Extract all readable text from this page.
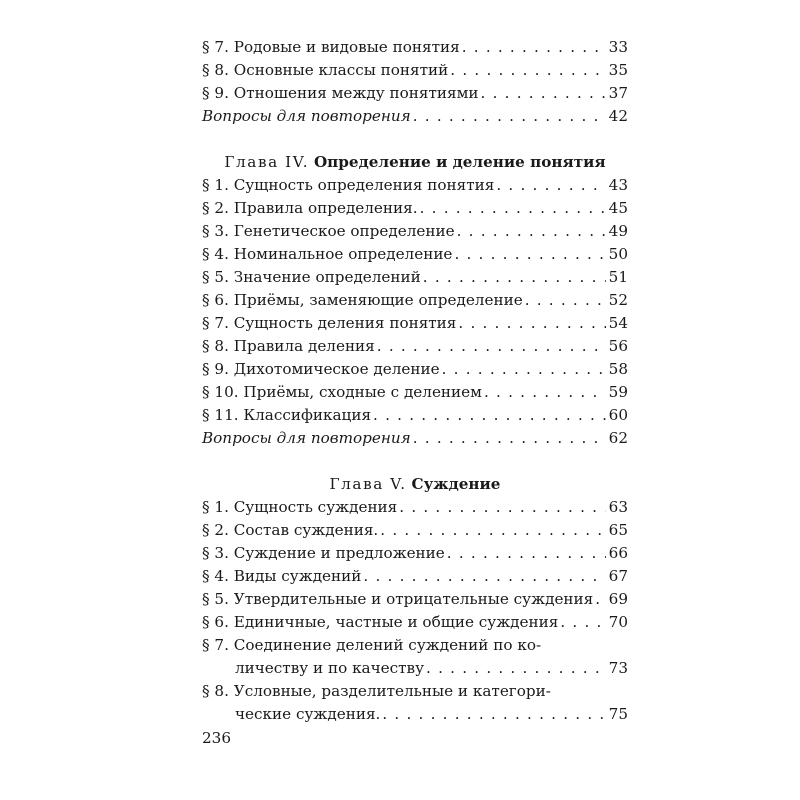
§ 7. Родовые и видовые понятия . . .	33
§ 8. Основные классы понятий . . .	35
§ 9. Отношения между понятиями . . .	37
Вопросы для повторения . . .	42
Глава IV. Определение и деление понятия
§ 1. Сущность определения понятия . . .	43
§ 2. Правила определения. . . .	45
§ 3. Генетическое определение . . .	49
§ 4. Номинальное определение . . .	50
§ 5. Значение определений . . .	51
§ 6. Приёмы, заменяющие определение . . .	52
§ 7. Сущность деления понятия . . .	54
§ 8. Правила деления . . .	56
§ 9. Дихотомическое деление . . .	58
§ 10. Приёмы, сходные с делением . . .	59
§ 11. Классификация . . .	60
Вопросы для повторения . . .	62
Глава V. Суждение
§ 1. Сущность суждения . . .	63
§ 2. Состав суждения. . . .	65
§ 3. Суждение и предложение . . .	66
§ 4. Виды суждений . . .	67
§ 5. Утвердительные и отрицательные суждения . . . 69
§ 6. Единичные, частные и общие суждения . . .	70
§ 7. Соединение делений суждений по ко-
личеству и по качеству . . .	73
§ 8. Условные, разделительные и категори-
ческие суждения. . . .	75
236
